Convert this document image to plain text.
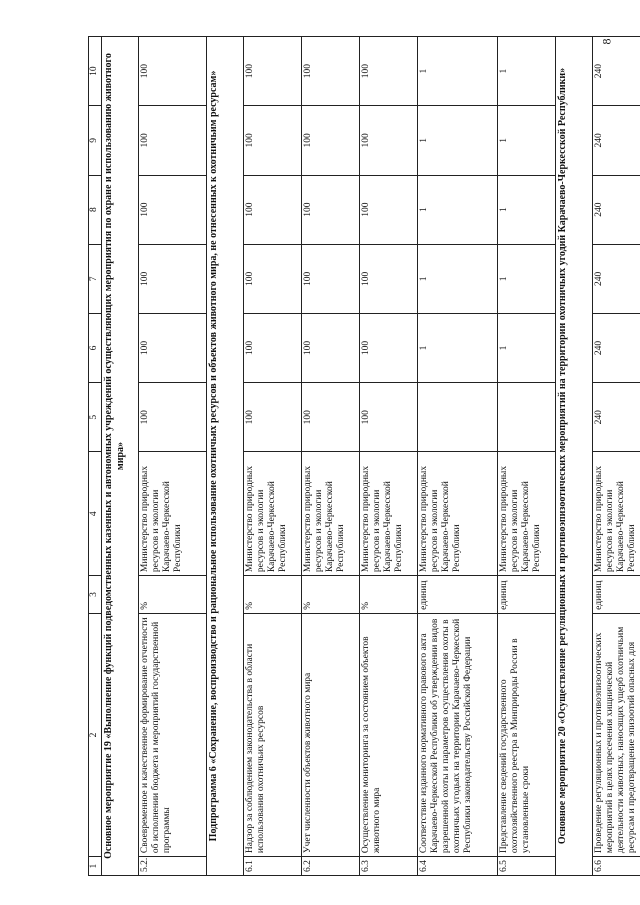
8
1	2	3	4	5	6	7	8	9	10
Основное мероприятие 19 «Выполнение функций подведомственных казенных и автономных учреждений осуществляющих мероприятия по охране и использованию животного мира»									
5.2.	Своевременное и качественное формирование отчетности об исполнении бюджета и мероприятий государственной программы	%	Министерство природных ресурсов и экологии Карачаево-Черкесской Республики	100	100	100	100	100	100
Подпрограмма 6 «Сохранение, воспроизводство и рациональное использование охотничьих ресурсов и объектов животного мира, не отнесенных к охотничьим ресурсам»									
6.1	Надзор за соблюдением законодательства в области использования охотничьих ресурсов	%	Министерство природных ресурсов и экологии Карачаево-Черкесской Республики	100	100	100	100	100	100
6.2	Учет численности объектов животного мира	%	Министерство природных ресурсов и экологии Карачаево-Черкесской Республики	100	100	100	100	100	100
6.3	Осуществление мониторинга за состоянием объектов животного мира	%	Министерство природных ресурсов и экологии Карачаево-Черкесской Республики	100	100	100	100	100	100
6.4	Соответствие изданного нормативного правового акта Карачаево-Черкесской Республики об утверждении видов разрешенной охоты и параметров осуществления охоты в охотничьих угодьях на территории Карачаево-Черкесской Республики законодательству Российской Федерации	единиц	Министерство природных ресурсов и экологии Карачаево-Черкесской Республики		1	1	1	1	1
6.5	Представление сведений государственного охотхозяйственного реестра в Минприроды России в установленные сроки	единиц	Министерство природных ресурсов и экологии Карачаево-Черкесской Республики		1	1	1	1	1
Основное мероприятие 20 «Осуществление регуляционных и противоэпизоотических мероприятий на территории охотничьих угодий Карачаево-Черкесской Республики»									
6.6	Проведение регуляционных и противоэпизоотических мероприятий в целях пресечения хищнической деятельности животных, наносящих ущерб охотничьим ресурсам и предотвращение эпизоотий опасных для	единиц	Министерство природных ресурсов и экологии Карачаево-Черкесской Республики	240	240	240	240	240	240
